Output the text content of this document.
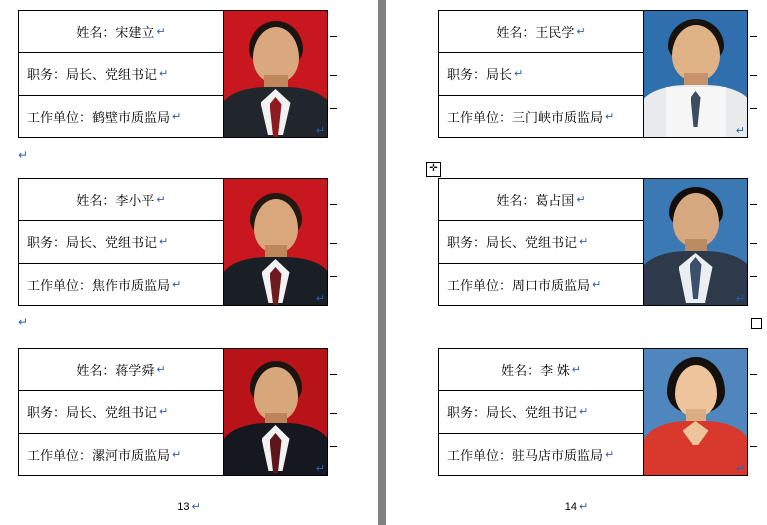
姓名：宋建立 ↵
职务：局长、党组书记 ↵
工作单位：鹤壁市质监局 ↵
↵
↵
姓名：李小平 ↵
职务：局长、党组书记 ↵
工作单位：焦作市质监局 ↵
↵
↵
姓名：蒋学舜 ↵
职务：局长、党组书记 ↵
工作单位：漯河市质监局 ↵
↵
13 ↵
姓名：王民学 ↵
职务：局长 ↵
工作单位：三门峡市质监局 ↵
↵
✛
姓名：葛占国 ↵
职务：局长、党组书记 ↵
工作单位：周口市质监局 ↵
↵
姓名：李 姝 ↵
职务：局长、党组书记 ↵
工作单位：驻马店市质监局 ↵
↵
14 ↵
